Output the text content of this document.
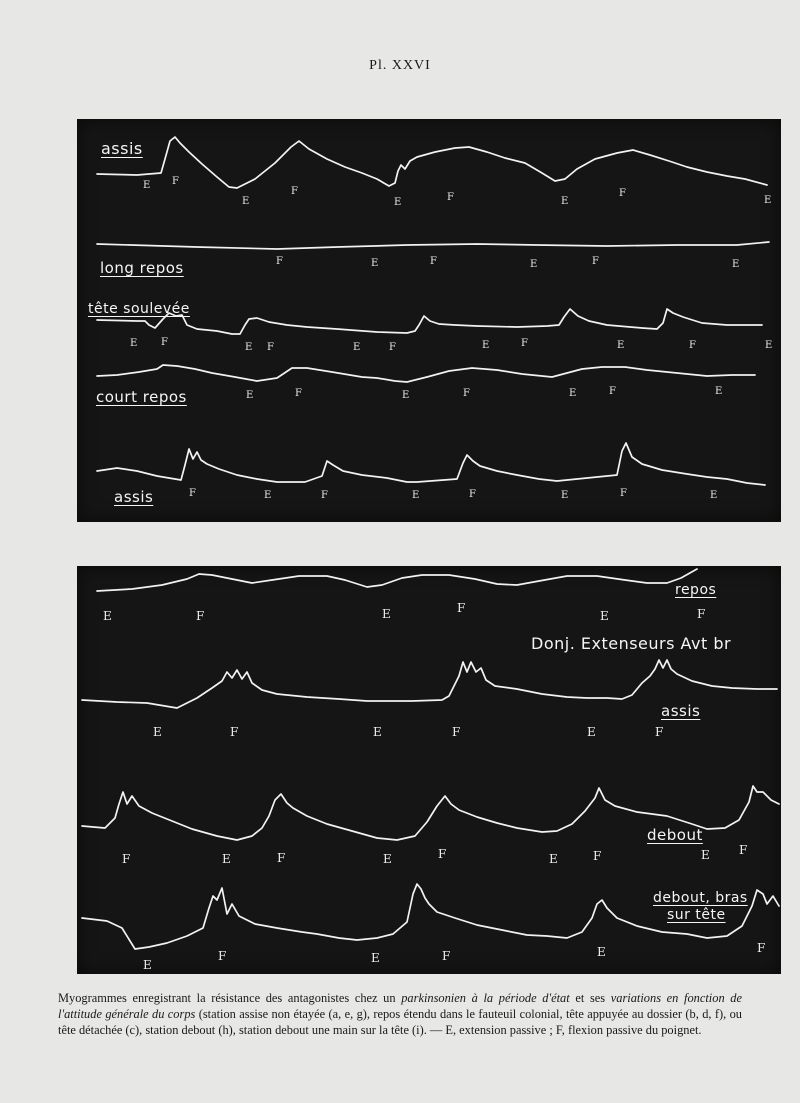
Pl. XXVI
assis
long repos
tête soulevée
court repos
assis
E F
E
F
E	F	E
F
E
F	E	F	E	F	E
E F	E F	E	F	E	F	E	F	E
E	F	E	F	E	F	E
F	E	F	E	F	E	F	E
repos
Donj. Extenseurs Avt br
assis
debout
debout, bras
sur tête
E	F	E	F
E	F
E	F	E	F	E	F
F	E	F	E	F	E	F	E F
E
F	E	F	E	F
Myogrammes enregistrant la résistance des antagonistes chez un parkinsonien à la période d'état et ses variations en fonction de l'attitude générale du corps (station assise non étayée (a, e, g), repos étendu dans le fauteuil colonial, tête appuyée au dossier (b, d, f), ou tête détachée (c), station debout (h), station debout une main sur la tête (i). — E, extension passive ; F, flexion passive du poignet.
